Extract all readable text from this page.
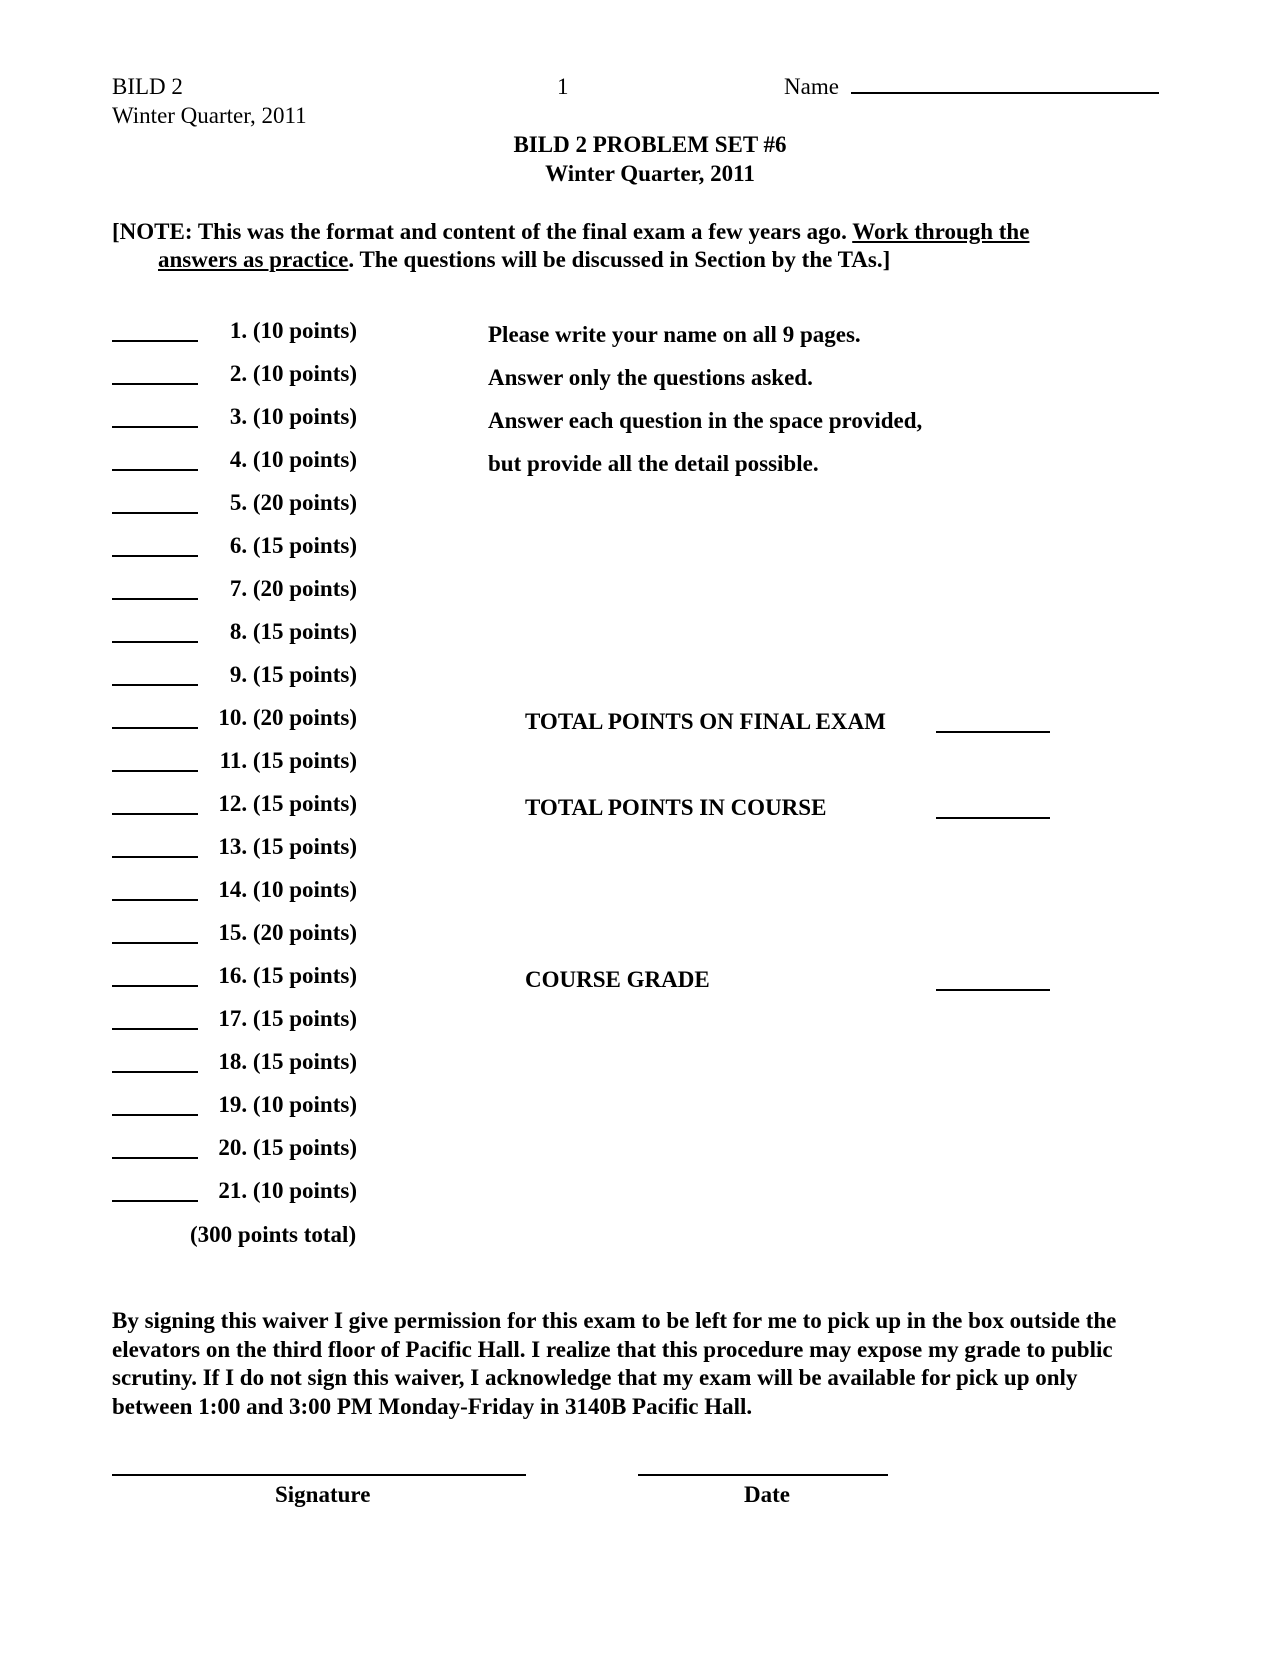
BILD 2
Winter Quarter, 2011
1	Name
BILD 2 PROBLEM SET #6
Winter Quarter, 2011
[NOTE: This was the format and content of the final exam a few years ago. Work through the
answers as practice. The questions will be discussed in Section by the TAs.]
1. (10 points)
2. (10 points)
3. (10 points)
4. (10 points)
5. (20 points)
6. (15 points)
7. (20 points)
8. (15 points)
9. (15 points)
10. (20 points)
11. (15 points)
12. (15 points)
13. (15 points)
14. (10 points)
15. (20 points)
16. (15 points)
17. (15 points)
18. (15 points)
19. (10 points)
20. (15 points)
21. (10 points)
(300 points total)
Please write your name on all 9 pages.
Answer only the questions asked.
Answer each question in the space provided,
but provide all the detail possible.
TOTAL POINTS ON FINAL EXAM
TOTAL POINTS IN COURSE
COURSE GRADE
By signing this waiver I give permission for this exam to be left for me to pick up in the box outside the elevators on the third floor of Pacific Hall. I realize that this procedure may expose my grade to public scrutiny. If I do not sign this waiver, I acknowledge that my exam will be available for pick up only between 1:00 and 3:00 PM Monday-Friday in 3140B Pacific Hall.
Signature	Date
